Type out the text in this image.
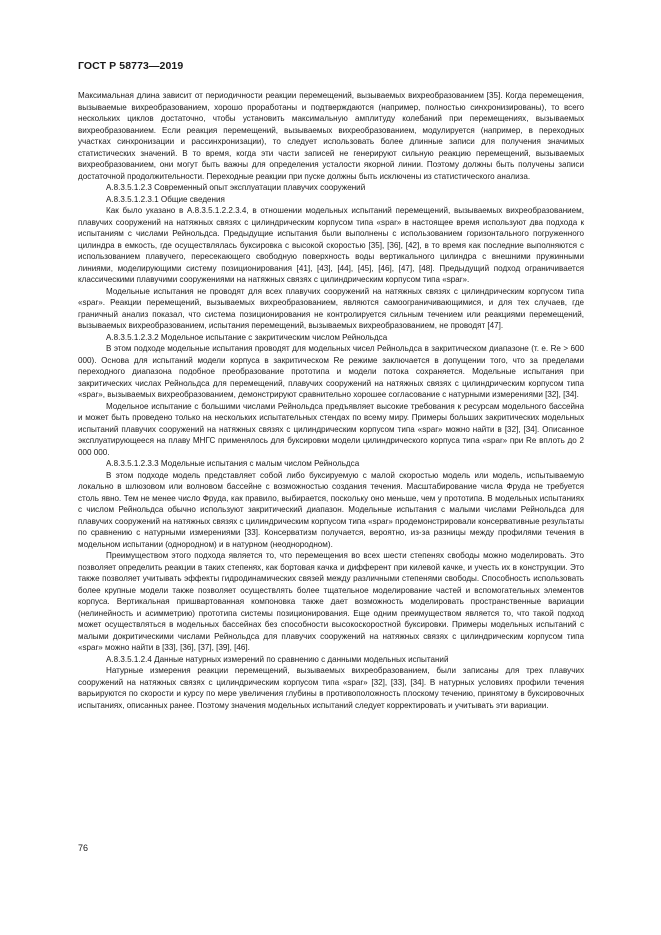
ГОСТ Р 58773—2019

Максимальная длина зависит от периодичности реакции перемещений, вызываемых вихреобразованием [35]. Когда перемещения, вызываемые вихреобразованием, хорошо проработаны и подтверждаются (например, полностью синхронизированы), то всего нескольких циклов достаточно, чтобы установить максимальную амплитуду колебаний при перемещениях, вызываемых вихреобразованием. Если реакция перемещений, вызываемых вихреобразованием, модулируется (например, в переходных участках синхронизации и рассинхронизации), то следует использовать более длинные записи для получения значимых статистических значений. В то время, когда эти части записей не генерируют сильную реакцию перемещений, вызываемых вихреобразованием, они могут быть важны для определения усталости якорной линии. Поэтому должны быть получены записи достаточной продолжительности. Переходные реакции при пуске должны быть исключены из статистического анализа.

А.8.3.5.1.2.3 Современный опыт эксплуатации плавучих сооружений

А.8.3.5.1.2.3.1 Общие сведения

Как было указано в А.8.3.5.1.2.2.3.4, в отношении модельных испытаний перемещений, вызываемых вихреобразованием, плавучих сооружений на натяжных связях с цилиндрическим корпусом типа «spar» в настоящее время используют два подхода к испытаниям с числами Рейнольдса. Предыдущие испытания были выполнены с использованием горизонтального погруженного цилиндра в емкость, где осуществлялась буксировка с высокой скоростью [35], [36], [42], в то время как последние выполняются с использованием плавучего, пересекающего свободную поверхность воды вертикального цилиндра с внешними пружинными линиями, моделирующими систему позиционирования [41], [43], [44], [45], [46], [47], [48]. Предыдущий подход ограничивается классическими плавучими сооружениями на натяжных связях с цилиндрическим корпусом типа «spar».

Модельные испытания не проводят для всех плавучих сооружений на натяжных связях с цилиндрическим корпусом типа «spar». Реакции перемещений, вызываемых вихреобразованием, являются самоограничивающимися, и для тех случаев, где граничный анализ показал, что система позиционирования не контролируется сильным течением или реакциями перемещений, вызываемых вихреобразованием, испытания перемещений, вызываемых вихреобразованием, не проводят [47].

А.8.3.5.1.2.3.2 Модельное испытание с закритическим числом Рейнольдса

В этом подходе модельные испытания проводят для модельных чисел Рейнольдса в закритическом диапазоне (т. е. Re > 600 000). Основа для испытаний модели корпуса в закритическом Re режиме заключается в допущении того, что за пределами переходного диапазона подобное преобразование прототипа и модели потока сохраняется. Модельные испытания при закритических числах Рейнольдса для перемещений, плавучих сооружений на натяжных связях с цилиндрическим корпусом типа «spar», вызываемых вихреобразованием, демонстрируют сравнительно хорошее согласование с натурными измерениями [32], [34].

Модельное испытание с большими числами Рейнольдса предъявляет высокие требования к ресурсам модельного бассейна и может быть проведено только на нескольких испытательных стендах по всему миру. Примеры больших закритических модельных испытаний плавучих сооружений на натяжных связях с цилиндрическим корпусом типа «spar» можно найти в [32], [34]. Описанное эксплуатирующееся на плаву МНГС применялось для буксировки модели цилиндрического корпуса типа «spar» при Re вплоть до 2 000 000.

А.8.3.5.1.2.3.3 Модельные испытания с малым числом Рейнольдса

В этом подходе модель представляет собой либо буксируемую с малой скоростью модель или модель, испытываемую локально в шлюзовом или волновом бассейне с возможностью создания течения. Масштабирование числа Фруда не требуется столь явно. Тем не менее число Фруда, как правило, выбирается, поскольку оно меньше, чем у прототипа. В модельных испытаниях с числом Рейнольдса обычно используют закритический диапазон. Модельные испытания с малыми числами Рейнольдса для плавучих сооружений на натяжных связях с цилиндрическим корпусом типа «spar» продемонстрировали консервативные результаты по сравнению с натурными измерениями [33]. Консерватизм получается, вероятно, из-за разницы между профилями течения в модельном испытании (однородном) и в натурном (неоднородном).

Преимуществом этого подхода является то, что перемещения во всех шести степенях свободы можно моделировать. Это позволяет определить реакции в таких степенях, как бортовая качка и дифферент при килевой качке, и учесть их в конструкции. Это также позволяет учитывать эффекты гидродинамических связей между различными степенями свободы. Способность использовать более крупные модели также позволяет осуществлять более тщательное моделирование частей и вспомогательных элементов корпуса. Вертикальная пришвартованная компоновка также дает возможность моделировать пространственные вариации (нелинейность и асимметрию) прототипа системы позиционирования. Еще одним преимуществом является то, что такой подход может осуществляться в модельных бассейнах без способности высокоскоростной буксировки. Примеры модельных испытаний с малыми докритическими числами Рейнольдса для плавучих сооружений на натяжных связях с цилиндрическим корпусом типа «spar» можно найти в [33], [36], [37], [39], [46].

А.8.3.5.1.2.4 Данные натурных измерений по сравнению с данными модельных испытаний

Натурные измерения реакции перемещений, вызываемых вихреобразованием, были записаны для трех плавучих сооружений на натяжных связях с цилиндрическим корпусом типа «spar» [32], [33], [34]. В натурных условиях профили течения варьируются по скорости и курсу по мере увеличения глубины в противоположность плоскому течению, принятому в буксировочных испытаниях, описанных ранее. Поэтому значения модельных испытаний следует корректировать и учитывать эти вариации.

76
